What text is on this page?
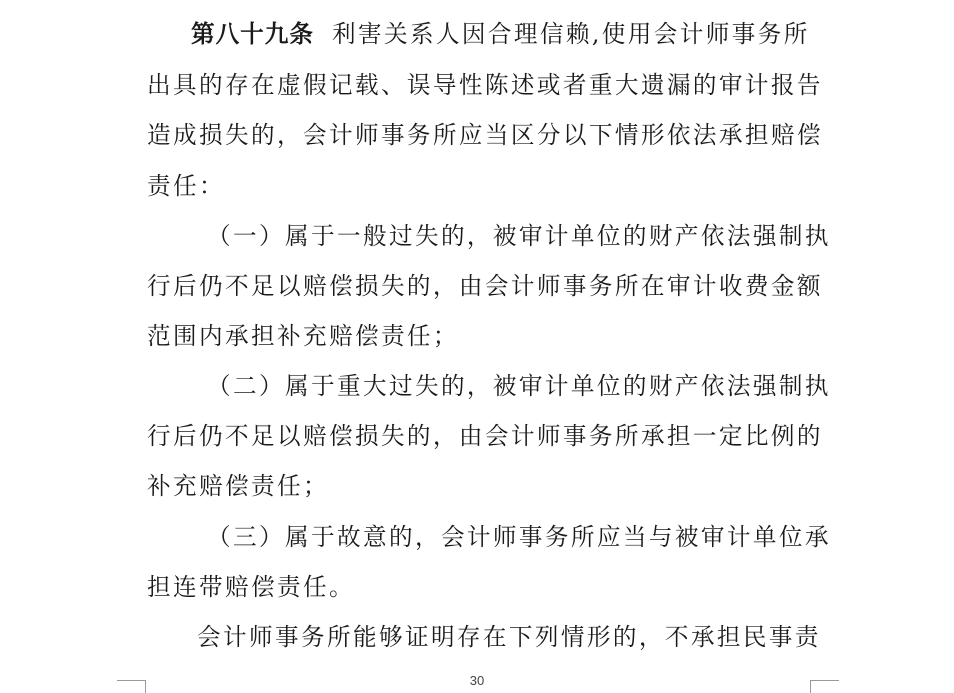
第八十九条 利害关系人因合理信赖,使用会计师事务所
出具的存在虚假记载、误导性陈述或者重大遗漏的审计报告
造成损失的，会计师事务所应当区分以下情形依法承担赔偿
责任：
（一）属于一般过失的，被审计单位的财产依法强制执
行后仍不足以赔偿损失的，由会计师事务所在审计收费金额
范围内承担补充赔偿责任；
（二）属于重大过失的，被审计单位的财产依法强制执
行后仍不足以赔偿损失的，由会计师事务所承担一定比例的
补充赔偿责任；
（三）属于故意的，会计师事务所应当与被审计单位承
担连带赔偿责任。
会计师事务所能够证明存在下列情形的，不承担民事责
30
